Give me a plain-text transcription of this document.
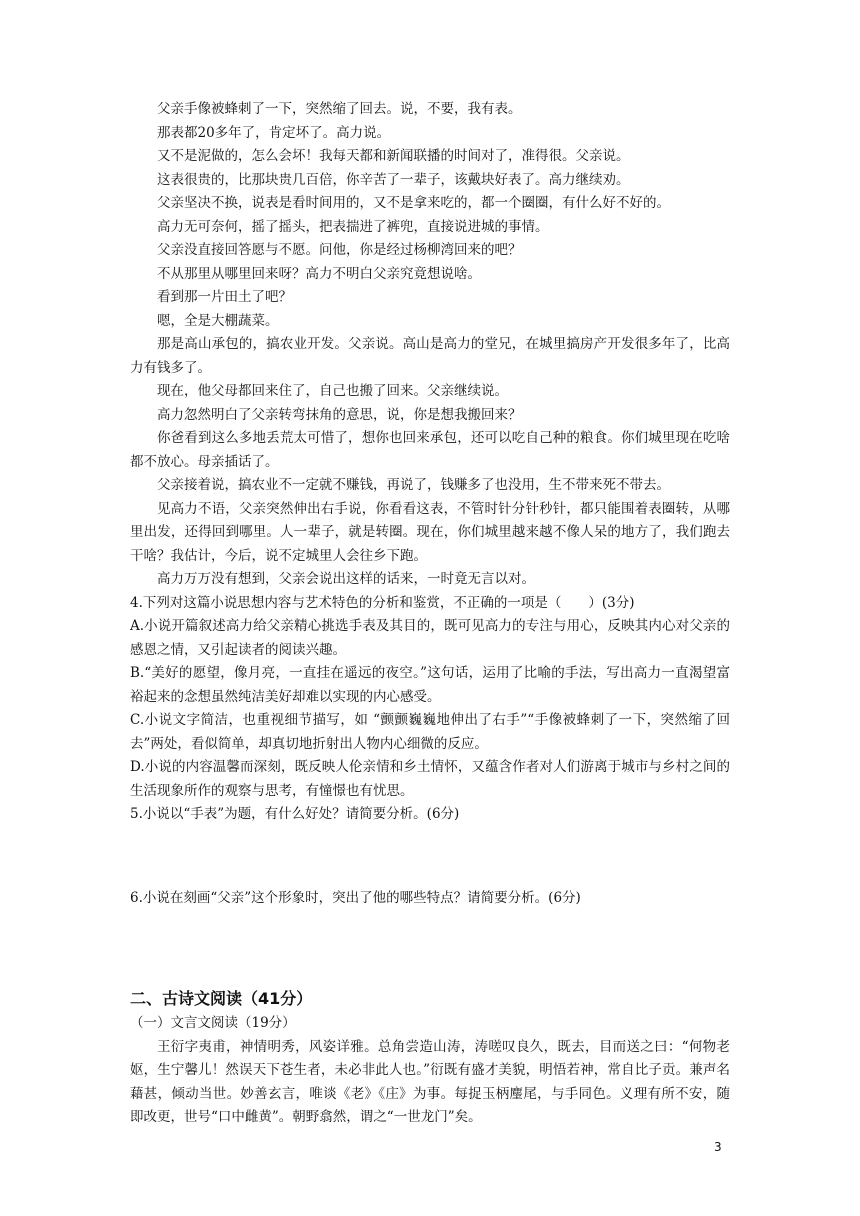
父亲手像被蜂刺了一下，突然缩了回去。说，不要，我有表。

那表都20多年了，肯定坏了。高力说。

又不是泥做的，怎么会坏！我每天都和新闻联播的时间对了，准得很。父亲说。

这表很贵的，比那块贵几百倍，你辛苦了一辈子，该戴块好表了。高力继续劝。

父亲坚决不换，说表是看时间用的，又不是拿来吃的，都一个圈圈，有什么好不好的。

高力无可奈何，摇了摇头，把表揣进了裤兜，直接说进城的事情。

父亲没直接回答愿与不愿。问他，你是经过杨柳湾回来的吧？

不从那里从哪里回来呀？高力不明白父亲究竟想说啥。

看到那一片田土了吧？

嗯，全是大棚蔬菜。

那是高山承包的，搞农业开发。父亲说。高山是高力的堂兄，在城里搞房产开发很多年了，比高力有钱多了。

现在，他父母都回来住了，自己也搬了回来。父亲继续说。

高力忽然明白了父亲转弯抹角的意思，说，你是想我搬回来？

你爸看到这么多地丢荒太可惜了，想你也回来承包，还可以吃自己种的粮食。你们城里现在吃啥都不放心。母亲插话了。

父亲接着说，搞农业不一定就不赚钱，再说了，钱赚多了也没用，生不带来死不带去。

见高力不语，父亲突然伸出右手说，你看看这表，不管时针分针秒针，都只能围着表圈转，从哪里出发，还得回到哪里。人一辈子，就是转圈。现在，你们城里越来越不像人呆的地方了，我们跑去干啥？我估计，今后，说不定城里人会往乡下跑。

高力万万没有想到，父亲会说出这样的话来，一时竟无言以对。

4.下列对这篇小说思想内容与艺术特色的分析和鉴赏，不正确的一项是（　　）(3分)

A.小说开篇叙述高力给父亲精心挑选手表及其目的，既可见高力的专注与用心，反映其内心对父亲的感恩之情，又引起读者的阅读兴趣。

B.“美好的愿望，像月亮，一直挂在遥远的夜空。”这句话，运用了比喻的手法，写出高力一直渴望富裕起来的念想虽然纯洁美好却难以实现的内心感受。

C.小说文字简洁，也重视细节描写，如 “颤颤巍巍地伸出了右手”“手像被蜂刺了一下，突然缩了回去”两处，看似简单，却真切地折射出人物内心细微的反应。

D.小说的内容温馨而深刻，既反映人伦亲情和乡土情怀，又蕴含作者对人们游离于城市与乡村之间的生活现象所作的观察与思考，有憧憬也有忧思。

5.小说以“手表”为题，有什么好处？请简要分析。(6分)

6.小说在刻画“父亲”这个形象时，突出了他的哪些特点？请简要分析。(6分)

二、古诗文阅读（41分）

（一）文言文阅读（19分）

王衍字夷甫，神情明秀，风姿详雅。总角尝造山涛，涛嗟叹良久，既去，目而送之曰：“何物老妪，生宁馨儿！然误天下苍生者，未必非此人也。”衍既有盛才美貌，明悟若神，常自比子贡。兼声名藉甚，倾动当世。妙善玄言，唯谈《老》《庄》为事。每捉玉柄麈尾，与手同色。义理有所不安，随即改更，世号“口中雌黄”。朝野翕然，谓之“一世龙门”矣。

3
